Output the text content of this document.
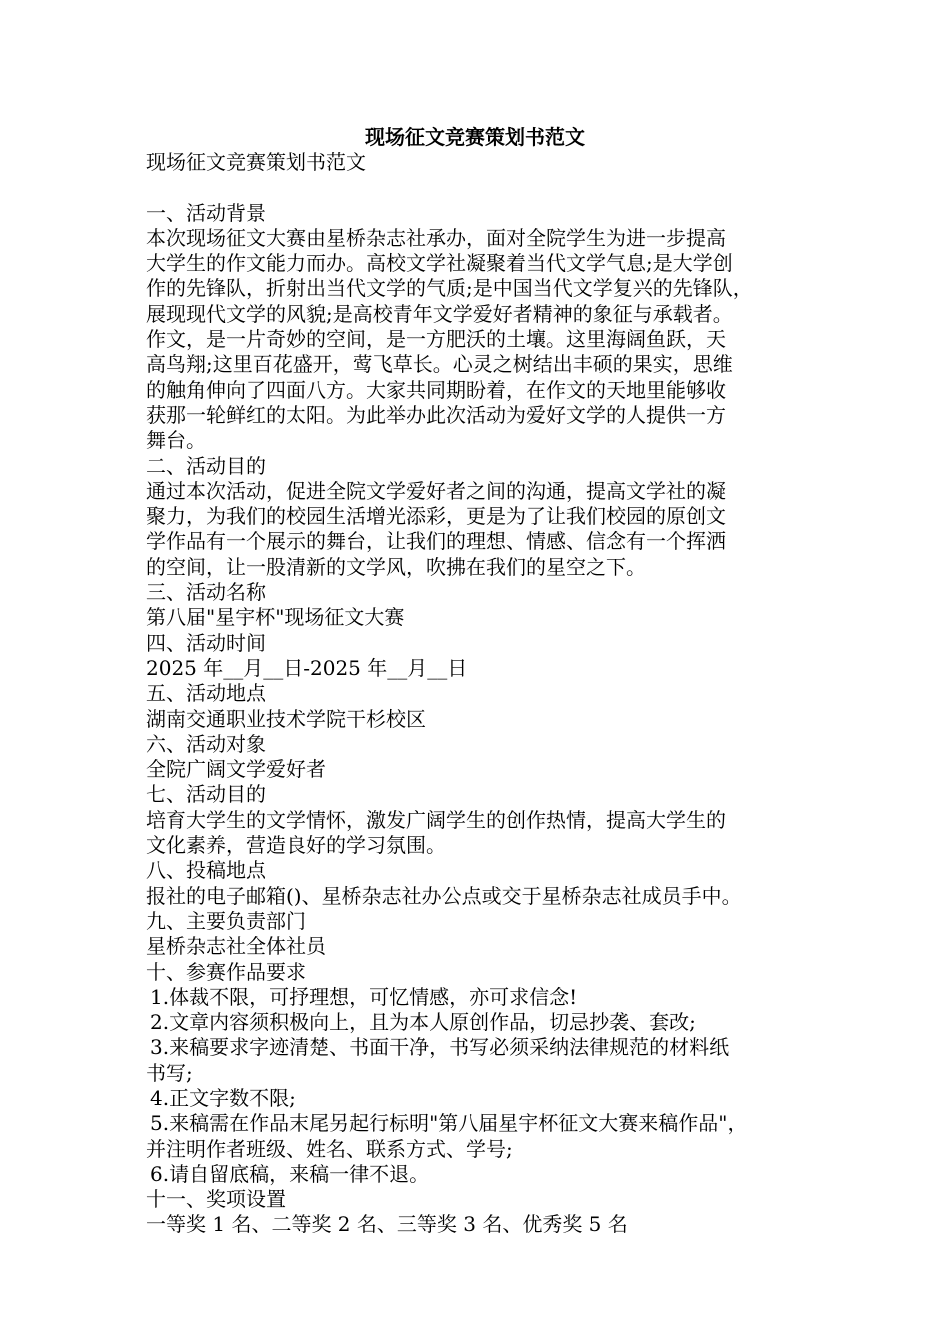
现场征文竞赛策划书范文
现场征文竞赛策划书范文
一、活动背景
本次现场征文大赛由星桥杂志社承办，面对全院学生为进一步提高
大学生的作文能力而办。高校文学社凝聚着当代文学气息;是大学创
作的先锋队，折射出当代文学的气质;是中国当代文学复兴的先锋队，
展现现代文学的风貌;是高校青年文学爱好者精神的象征与承载者。
作文，是一片奇妙的空间，是一方肥沃的土壤。这里海阔鱼跃，天
高鸟翔;这里百花盛开，莺飞草长。心灵之树结出丰硕的果实，思维
的触角伸向了四面八方。大家共同期盼着，在作文的天地里能够收
获那一轮鲜红的太阳。为此举办此次活动为爱好文学的人提供一方
舞台。
二、活动目的
通过本次活动，促进全院文学爱好者之间的沟通，提高文学社的凝
聚力，为我们的校园生活增光添彩，更是为了让我们校园的原创文
学作品有一个展示的舞台，让我们的理想、情感、信念有一个挥洒
的空间，让一股清新的文学风，吹拂在我们的星空之下。
三、活动名称
第八届"星宇杯"现场征文大赛
四、活动时间
2025 年__月__日-2025 年__月__日
五、活动地点
湖南交通职业技术学院干杉校区
六、活动对象
全院广阔文学爱好者
七、活动目的
培育大学生的文学情怀，激发广阔学生的创作热情，提高大学生的
文化素养，营造良好的学习氛围。
八、投稿地点
报社的电子邮箱()、星桥杂志社办公点或交于星桥杂志社成员手中。
九、主要负责部门
星桥杂志社全体社员
十、参赛作品要求
1.体裁不限，可抒理想，可忆情感，亦可求信念!
2.文章内容须积极向上，且为本人原创作品，切忌抄袭、套改;
3.来稿要求字迹清楚、书面干净，书写必须采纳法律规范的材料纸
书写;
4.正文字数不限;
5.来稿需在作品末尾另起行标明"第八届星宇杯征文大赛来稿作品"，
并注明作者班级、姓名、联系方式、学号;
6.请自留底稿，来稿一律不退。
十一、奖项设置
一等奖 1 名、二等奖 2 名、三等奖 3 名、优秀奖 5 名
